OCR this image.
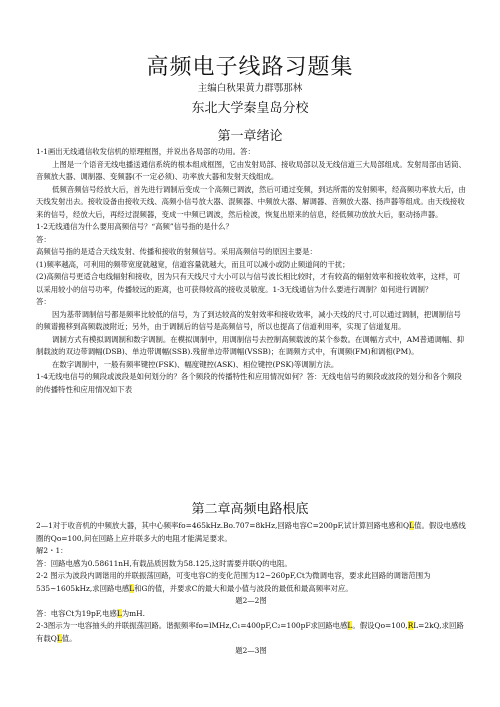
高频电子线路习题集
主编白秋果黄力群鄂那林
东北大学秦皇岛分校
第一章绪论

1-1画出无线通信收发信机的原理框图，并说出各局部的功用。答：

上图是一个语音无线电播送通信系统的根本组成框图，它由发射局部、接收局部以及无线信道三大局部组成。发射局部由话筒、音频放大器、调制器、变频器(不一定必须)、功率放大器和发射天线组成。

低频音频信号经放大后，首先进行调制后变成一个高频已调波，然后可通过变频，到达所需的发射频率，经高频功率放大后，由天线发射出去。接收设备由接收天线、高频小信号放大器、混频器、中频放大器、解调器、音频放大器、扬声器等组成。由天线接收来的信号，经放大后，再经过混频器，变成一中频已调波，然后检波，恢复出原来的信息，经低频功放放大后，驱动扬声器。

1-2无线通信为什么要用高频信号？“高频”信号指的是什么？

答：

高频信号指的是适合天线发射、传播和接收的射频信号。采用高频信号的原因主要是：

(1)频率越高，可利用的频带宽度就越宽，信道容量就越大，而且可以减小或防止频道间的干扰；

(2)高频信号更适合电线辐射和接收，因为只有天线尺寸大小可以与信号波长相比较时，才有较高的辐射效率和接收效率，这样，可以采用较小的信号功率，传播较远的距离，也可获得较高的接收灵敏度。1-3无线通信为什么要进行凋制？如何进行调制？

答：

因为基带调制信号都是频率比较低的信号，为了到达较高的发射效率和接收效率，减小天线的尺寸,可以通过调制，把调制信号的频谱搬移到高频载波附近；另外，由于调制后的信号是高频信号，所以也提高了信道利用率，实现了信道复用。

调制方式有模拟调调制和数字调制。在模拟调制中，用调制信号去控制高频载波的某个参数。在调幅方式中，AM普通调幅、抑制载波的双边带调幅(DSB)、单边带调幅(SSB).残留单边带调幅(VSSB)；在调频方式中，有调频(FM)和调相(PM)。

在数字调制中，一般有频率键控(FSK)、幅度键控(ASK)、相位键控(PSK)等调制方法。

1-4无线电信号的频段或波段是如何划分的？各个频段的传播特性和应用情况如何？答：无线电信号的频段或波段的划分和各个频段的传播特性和应用情况如下表

第二章高频电路根底

2—1对于收音机的中频放大器，其中心频率fo=465kHz.Bo.707=8kHz,回路电容C=200pF,试计算回路电感和QL值。假设电感线圈的Qo=100,问在回路上应并联多大的电阻才能满足要求。

解2・1：

答：回路电感为0.58611nH,有载品质因数为58.125,这时需要并联Q的电阻。

2-2 图示为波段内调谐用的并联振荡回路，可变电容C的变化范围为12~260pF,Ct为微调电容，要求此回路的调谐范围为535~1605kHz,求回路电感L和G的值，并要求C的最大和最小值与波段的最低和最高频率对应。

题2—2图

答：电容Ct为19pF,电感L为mH.

2-3图示为一电容抽头的并联振荡回路。谐振频率fo=lMHz,C₁=400pF,C₂=100pF求回路电感L。假设Qo=100,RL=2kQ,求回路有载QL值。

题2—3图
